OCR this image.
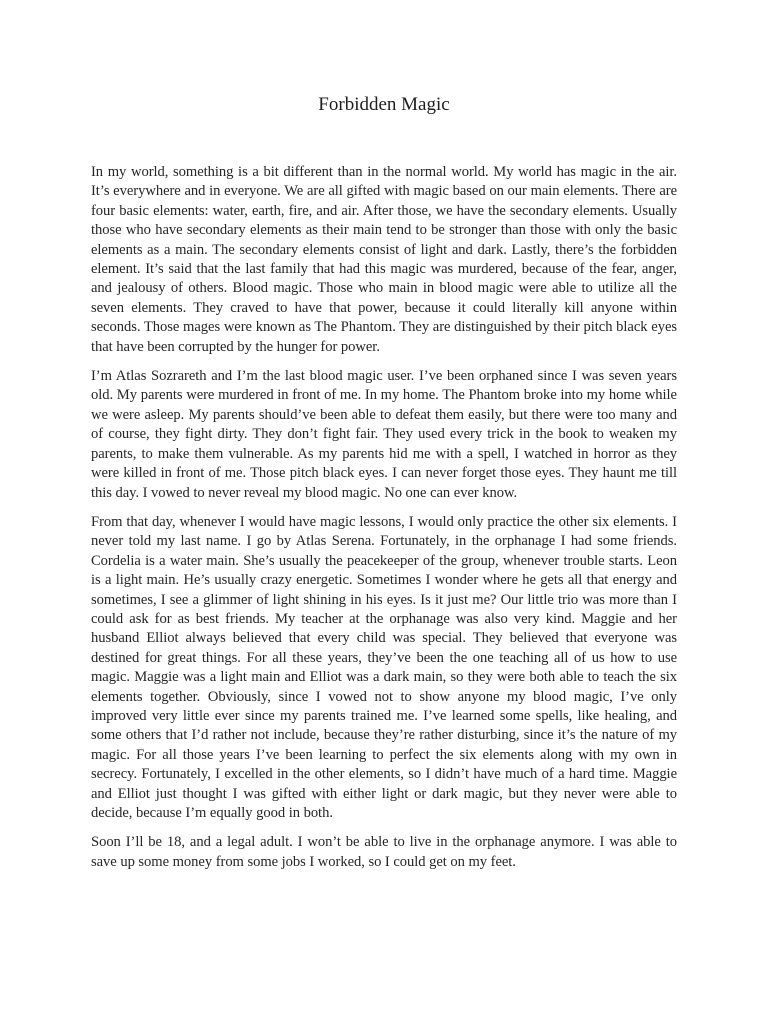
Forbidden Magic

In my world, something is a bit different than in the normal world. My world has magic in the air. It’s everywhere and in everyone. We are all gifted with magic based on our main elements. There are four basic elements: water, earth, fire, and air. After those, we have the secondary elements. Usually those who have secondary elements as their main tend to be stronger than those with only the basic elements as a main. The secondary elements consist of light and dark. Lastly, there’s the forbidden element. It’s said that the last family that had this magic was murdered, because of the fear, anger, and jealousy of others. Blood magic. Those who main in blood magic were able to utilize all the seven elements. They craved to have that power, because it could literally kill anyone within seconds. Those mages were known as The Phantom. They are distinguished by their pitch black eyes that have been corrupted by the hunger for power.

I’m Atlas Sozrareth and I’m the last blood magic user. I’ve been orphaned since I was seven years old. My parents were murdered in front of me. In my home. The Phantom broke into my home while we were asleep. My parents should’ve been able to defeat them easily, but there were too many and of course, they fight dirty. They don’t fight fair. They used every trick in the book to weaken my parents, to make them vulnerable. As my parents hid me with a spell, I watched in horror as they were killed in front of me. Those pitch black eyes. I can never forget those eyes. They haunt me till this day. I vowed to never reveal my blood magic. No one can ever know.

From that day, whenever I would have magic lessons, I would only practice the other six elements. I never told my last name. I go by Atlas Serena. Fortunately, in the orphanage I had some friends. Cordelia is a water main. She’s usually the peacekeeper of the group, whenever trouble starts. Leon is a light main. He’s usually crazy energetic. Sometimes I wonder where he gets all that energy and sometimes, I see a glimmer of light shining in his eyes. Is it just me? Our little trio was more than I could ask for as best friends. My teacher at the orphanage was also very kind. Maggie and her husband Elliot always believed that every child was special. They believed that everyone was destined for great things. For all these years, they’ve been the one teaching all of us how to use magic. Maggie was a light main and Elliot was a dark main, so they were both able to teach the six elements together. Obviously, since I vowed not to show anyone my blood magic, I’ve only improved very little ever since my parents trained me. I’ve learned some spells, like healing, and some others that I’d rather not include, because they’re rather disturbing, since it’s the nature of my magic. For all those years I’ve been learning to perfect the six elements along with my own in secrecy. Fortunately, I excelled in the other elements, so I didn’t have much of a hard time. Maggie and Elliot just thought I was gifted with either light or dark magic, but they never were able to decide, because I’m equally good in both.

Soon I’ll be 18, and a legal adult. I won’t be able to live in the orphanage anymore. I was able to save up some money from some jobs I worked, so I could get on my feet.
